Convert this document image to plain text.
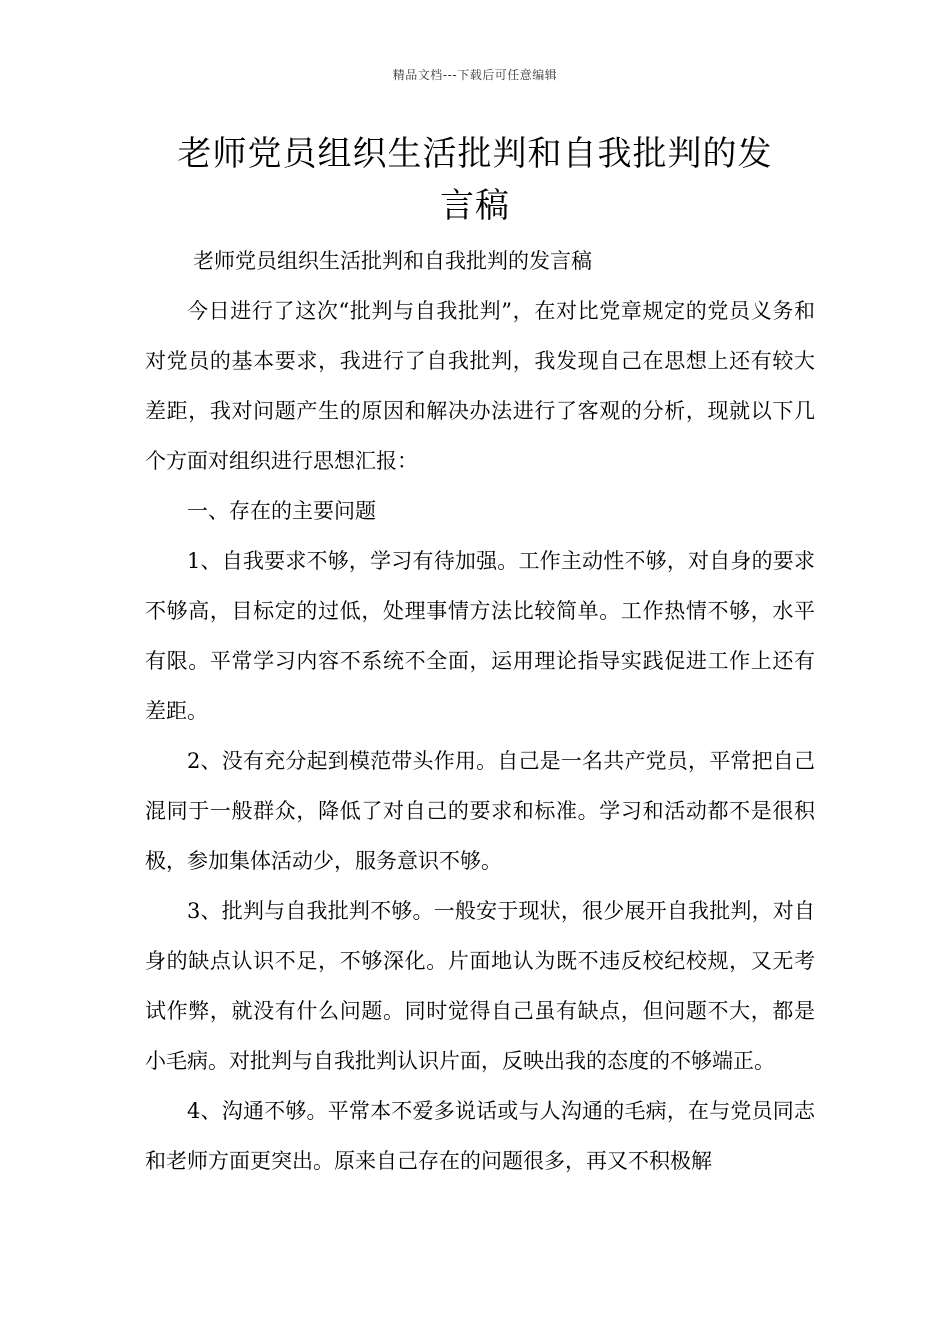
精品文档---下载后可任意编辑
老师党员组织生活批判和自我批判的发
言稿

老师党员组织生活批判和自我批判的发言稿

今日进行了这次“批判与自我批判”，在对比党章规定的党员义务和对党员的基本要求，我进行了自我批判，我发现自己在思想上还有较大差距，我对问题产生的原因和解决办法进行了客观的分析，现就以下几个方面对组织进行思想汇报：

一、存在的主要问题

1、自我要求不够，学习有待加强。工作主动性不够，对自身的要求不够高，目标定的过低，处理事情方法比较简单。工作热情不够，水平有限。平常学习内容不系统不全面，运用理论指导实践促进工作上还有差距。

2、没有充分起到模范带头作用。自己是一名共产党员，平常把自己混同于一般群众，降低了对自己的要求和标准。学习和活动都不是很积极，参加集体活动少，服务意识不够。

3、批判与自我批判不够。一般安于现状，很少展开自我批判，对自身的缺点认识不足，不够深化。片面地认为既不违反校纪校规，又无考试作弊，就没有什么问题。同时觉得自己虽有缺点，但问题不大，都是小毛病。对批判与自我批判认识片面，反映出我的态度的不够端正。

4、沟通不够。平常本不爱多说话或与人沟通的毛病，在与党员同志和老师方面更突出。原来自己存在的问题很多，再又不积极解
